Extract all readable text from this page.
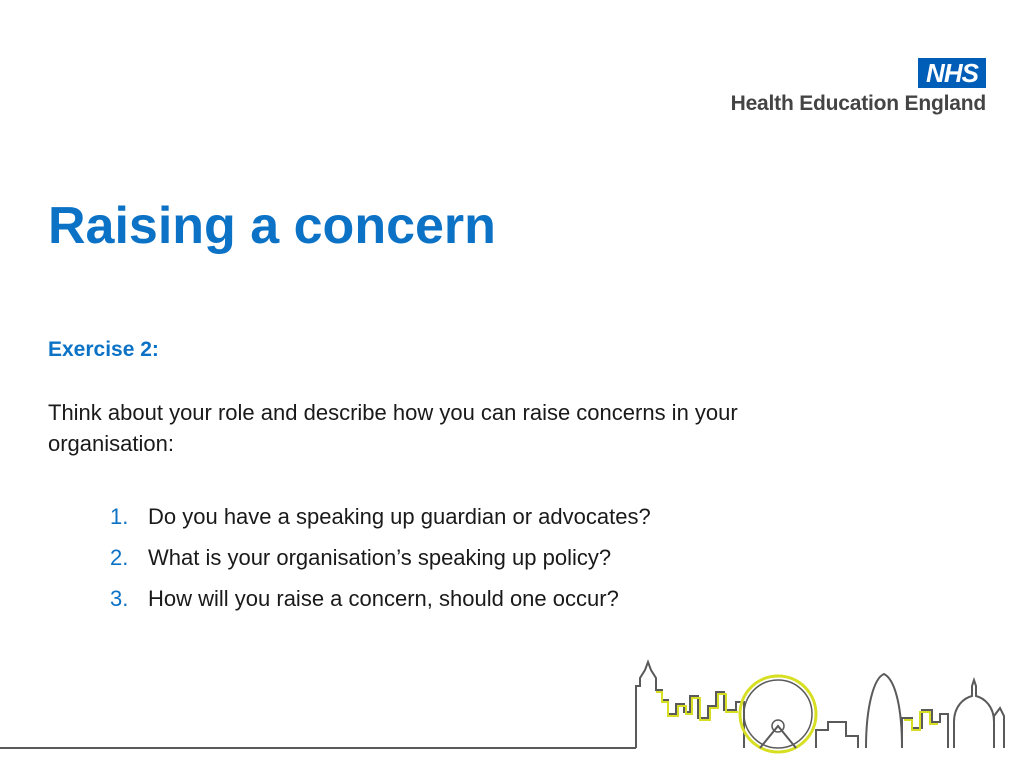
NHS
Health Education England
Raising a concern
Exercise 2:
Think about your role and describe how you can raise concerns in your organisation:
1. Do you have a speaking up guardian or advocates?
2. What is your organisation’s speaking up policy?
3. How will you raise a concern, should one occur?
